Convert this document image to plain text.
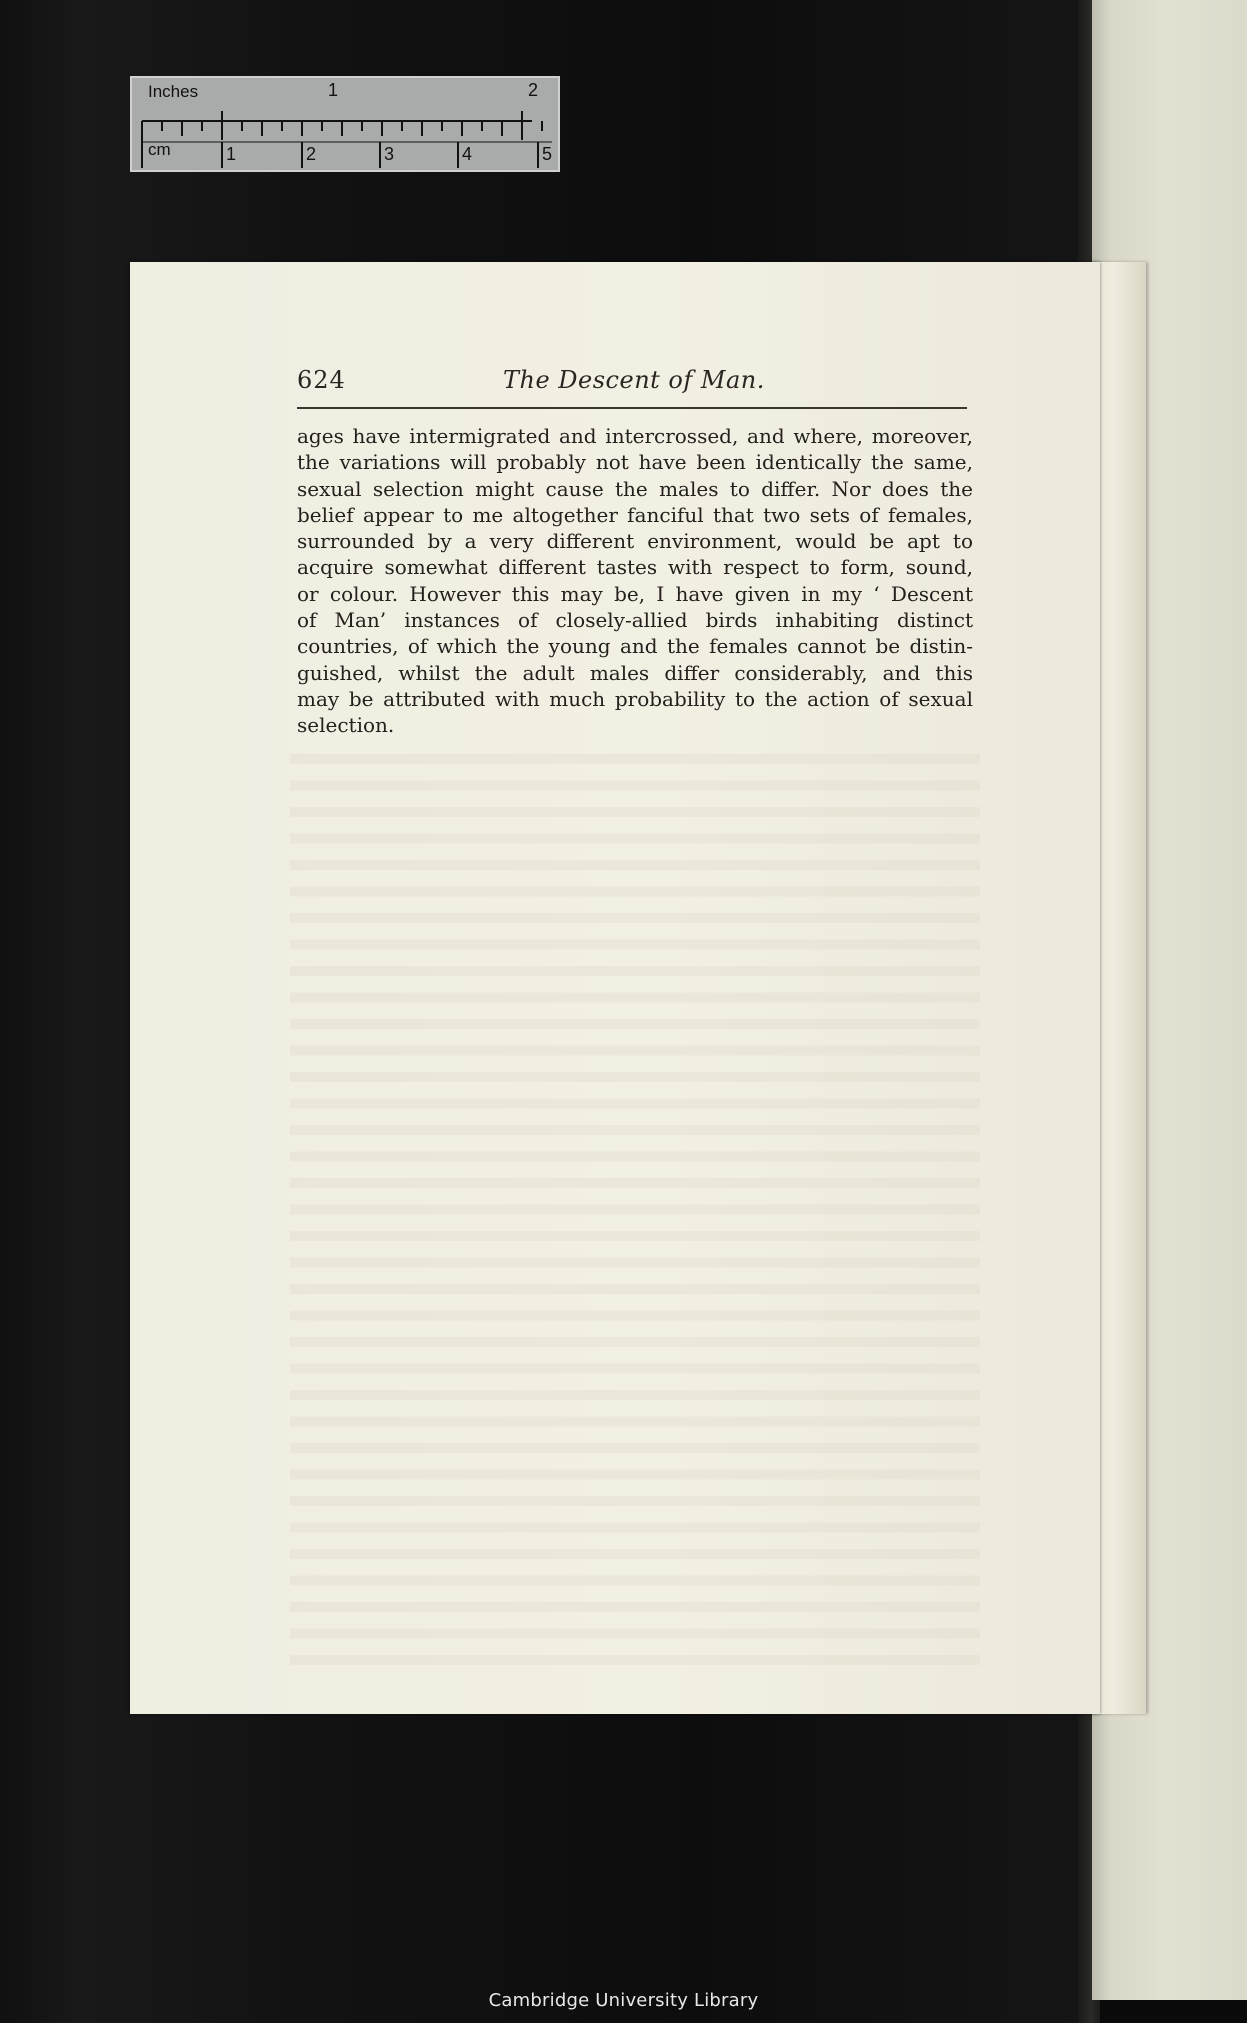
Inches
cm
1	2
1	2	3	4	5
624	The Descent of Man.
ages have intermigrated and intercrossed, and where, moreover,
the variations will probably not have been identically the same,
sexual selection might cause the males to differ. Nor does the
belief appear to me altogether fanciful that two sets of females,
surrounded by a very different environment, would be apt to
acquire somewhat different tastes with respect to form, sound,
or colour. However this may be, I have given in my ‘ Descent
of Man’ instances of closely-allied birds inhabiting distinct
countries, of which the young and the females cannot be distin-
guished, whilst the adult males differ considerably, and this
may be attributed with much probability to the action of sexual
selection.
Cambridge University Library
